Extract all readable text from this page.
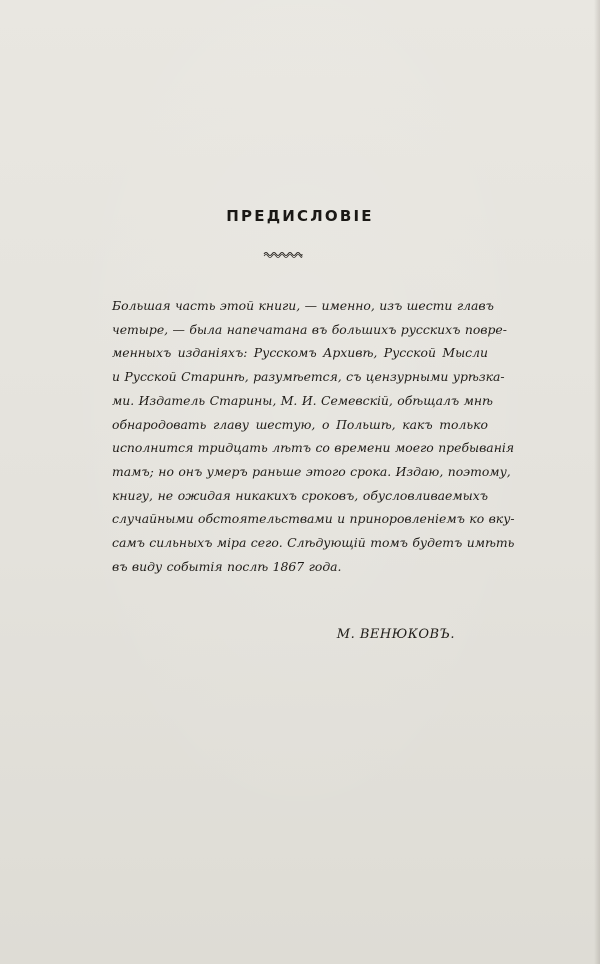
ПРЕДИСЛОВІЕ

Большая часть этой книги, — именно, изъ шести главъ
четыре, — была напечатана въ большихъ русскихъ повре-
менныхъ изданіяхъ: Русскомъ Архивѣ, Русской Мысли
и Русской Старинѣ, разумѣется, съ цензурными урѣзка-
ми. Издатель Старины, М. И. Семевскій, обѣщалъ мнѣ
обнародовать главу шестую, о Польшѣ, какъ только
исполнится тридцать лѣтъ со времени моего пребыванія
тамъ; но онъ умеръ раньше этого срока. Издаю, поэтому,
книгу, не ожидая никакихъ сроковъ, обусловливаемыхъ
случайными обстоятельствами и приноровленіемъ ко вку-
самъ сильныхъ міра сего. Слѣдующій томъ будетъ имѣть
въ виду событія послѣ 1867 года.

М. ВЕНЮКОВЪ.
